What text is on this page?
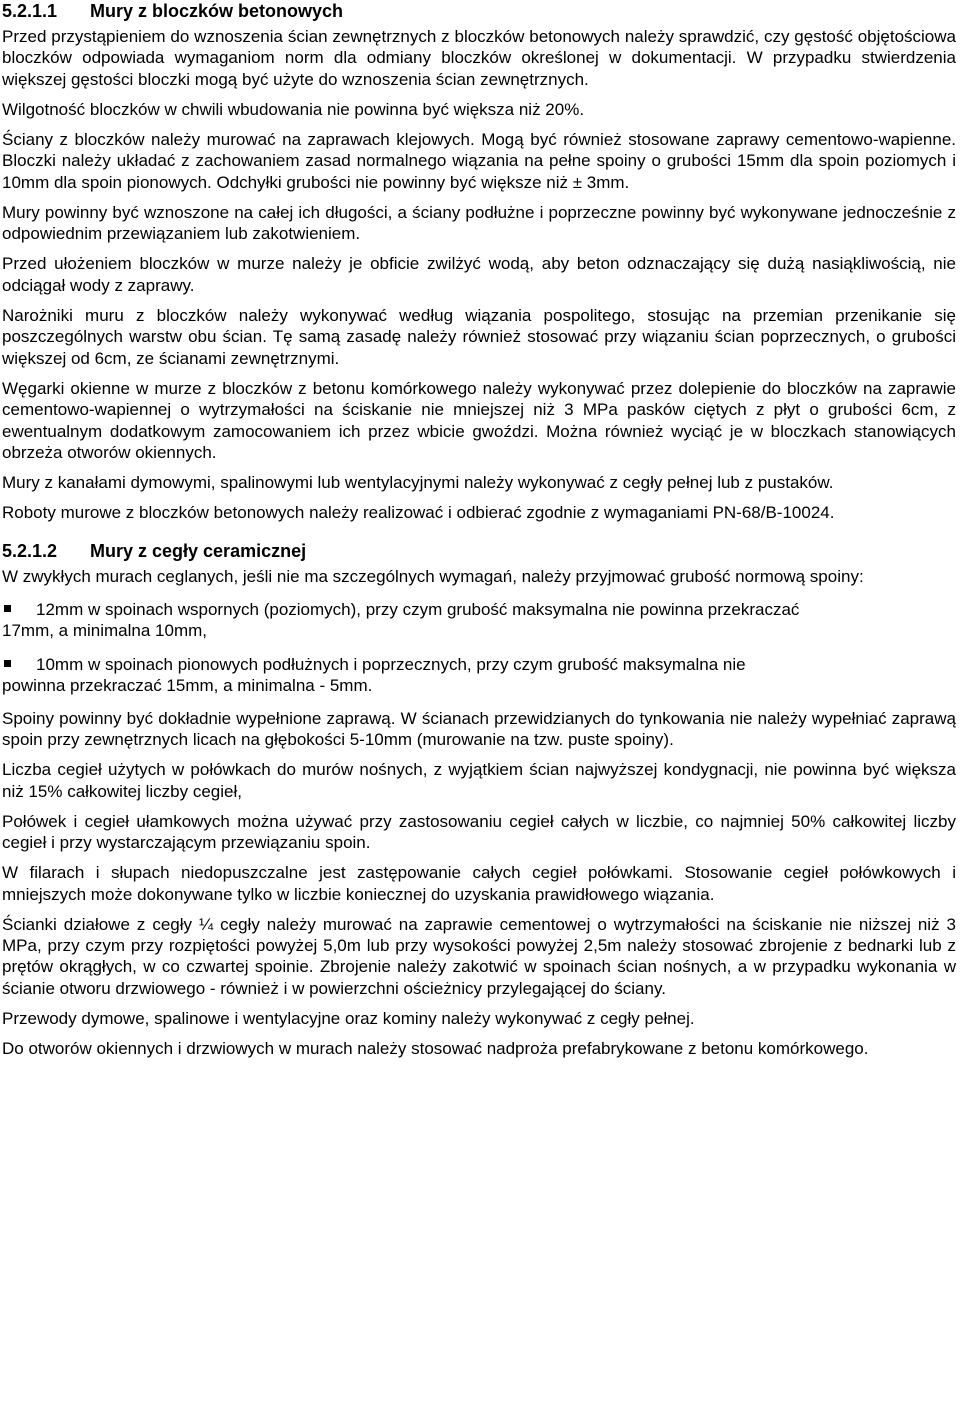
5.2.1.1	Mury z bloczków betonowych

Przed przystąpieniem do wznoszenia ścian zewnętrznych z bloczków betonowych należy sprawdzić, czy gęstość objętościowa bloczków odpowiada wymaganiom norm dla odmiany bloczków określonej w dokumentacji. W przypadku stwierdzenia większej gęstości bloczki mogą być użyte do wznoszenia ścian zewnętrznych.

Wilgotność bloczków w chwili wbudowania nie powinna być większa niż 20%.

Ściany z bloczków należy murować na zaprawach klejowych. Mogą być również stosowane zaprawy cementowo-wapienne. Bloczki należy układać z zachowaniem zasad normalnego wiązania na pełne spoiny o grubości 15mm dla spoin poziomych i 10mm dla spoin pionowych. Odchyłki grubości nie powinny być większe niż ± 3mm.

Mury powinny być wznoszone na całej ich długości, a ściany podłużne i poprzeczne powinny być wykonywane jednocześnie z odpowiednim przewiązaniem lub zakotwieniem.

Przed ułożeniem bloczków w murze należy je obficie zwilżyć wodą, aby beton odznaczający się dużą nasiąkliwością, nie odciągał wody z zaprawy.

Narożniki muru z bloczków należy wykonywać według wiązania pospolitego, stosując na przemian przenikanie się poszczególnych warstw obu ścian. Tę samą zasadę należy również stosować przy wiązaniu ścian poprzecznych, o grubości większej od 6cm, ze ścianami zewnętrznymi.

Węgarki okienne w murze z bloczków z betonu komórkowego należy wykonywać przez dolepienie do bloczków na zaprawie cementowo-wapiennej o wytrzymałości na ściskanie nie mniejszej niż 3 MPa pasków ciętych z płyt o grubości 6cm, z ewentualnym dodatkowym zamocowaniem ich przez wbicie gwoździ. Można również wyciąć je w bloczkach stanowiących obrzeża otworów okiennych.

Mury z kanałami dymowymi, spalinowymi lub wentylacyjnymi należy wykonywać z cegły pełnej lub z pustaków.

Roboty murowe z bloczków betonowych należy realizować i odbierać zgodnie z wymaganiami PN-68/B-10024.

5.2.1.2	Mury z cegły ceramicznej

W zwykłych murach ceglanych, jeśli nie ma szczególnych wymagań, należy przyjmować grubość normową spoiny:

12mm w spoinach wspornych (poziomych), przy czym grubość maksymalna nie powinna przekraczać
17mm, a minimalna 10mm,
10mm w spoinach pionowych podłużnych i poprzecznych, przy czym grubość maksymalna nie
powinna przekraczać 15mm, a minimalna - 5mm.

Spoiny powinny być dokładnie wypełnione zaprawą. W ścianach przewidzianych do tynkowania nie należy wypełniać zaprawą spoin przy zewnętrznych licach na głębokości 5-10mm (murowanie na tzw. puste spoiny).

Liczba cegieł użytych w połówkach do murów nośnych, z wyjątkiem ścian najwyższej kondygnacji, nie powinna być większa niż 15% całkowitej liczby cegieł,

Połówek i cegieł ułamkowych można używać przy zastosowaniu cegieł całych w liczbie, co najmniej 50% całkowitej liczby cegieł i przy wystarczającym przewiązaniu spoin.

W filarach i słupach niedopuszczalne jest zastępowanie całych cegieł połówkami. Stosowanie cegieł połówkowych i mniejszych może dokonywane tylko w liczbie koniecznej do uzyskania prawidłowego wiązania.

Ścianki działowe z cegły ¼ cegły należy murować na zaprawie cementowej o wytrzymałości na ściskanie nie niższej niż 3 MPa, przy czym przy rozpiętości powyżej 5,0m lub przy wysokości powyżej 2,5m należy stosować zbrojenie z bednarki lub z prętów okrągłych, w co czwartej spoinie. Zbrojenie należy zakotwić w spoinach ścian nośnych, a w przypadku wykonania w ścianie otworu drzwiowego - również i w powierzchni ościeżnicy przylegającej do ściany.

Przewody dymowe, spalinowe i wentylacyjne oraz kominy należy wykonywać z cegły pełnej.

Do otworów okiennych i drzwiowych w murach należy stosować nadproża prefabrykowane z betonu komórkowego.
